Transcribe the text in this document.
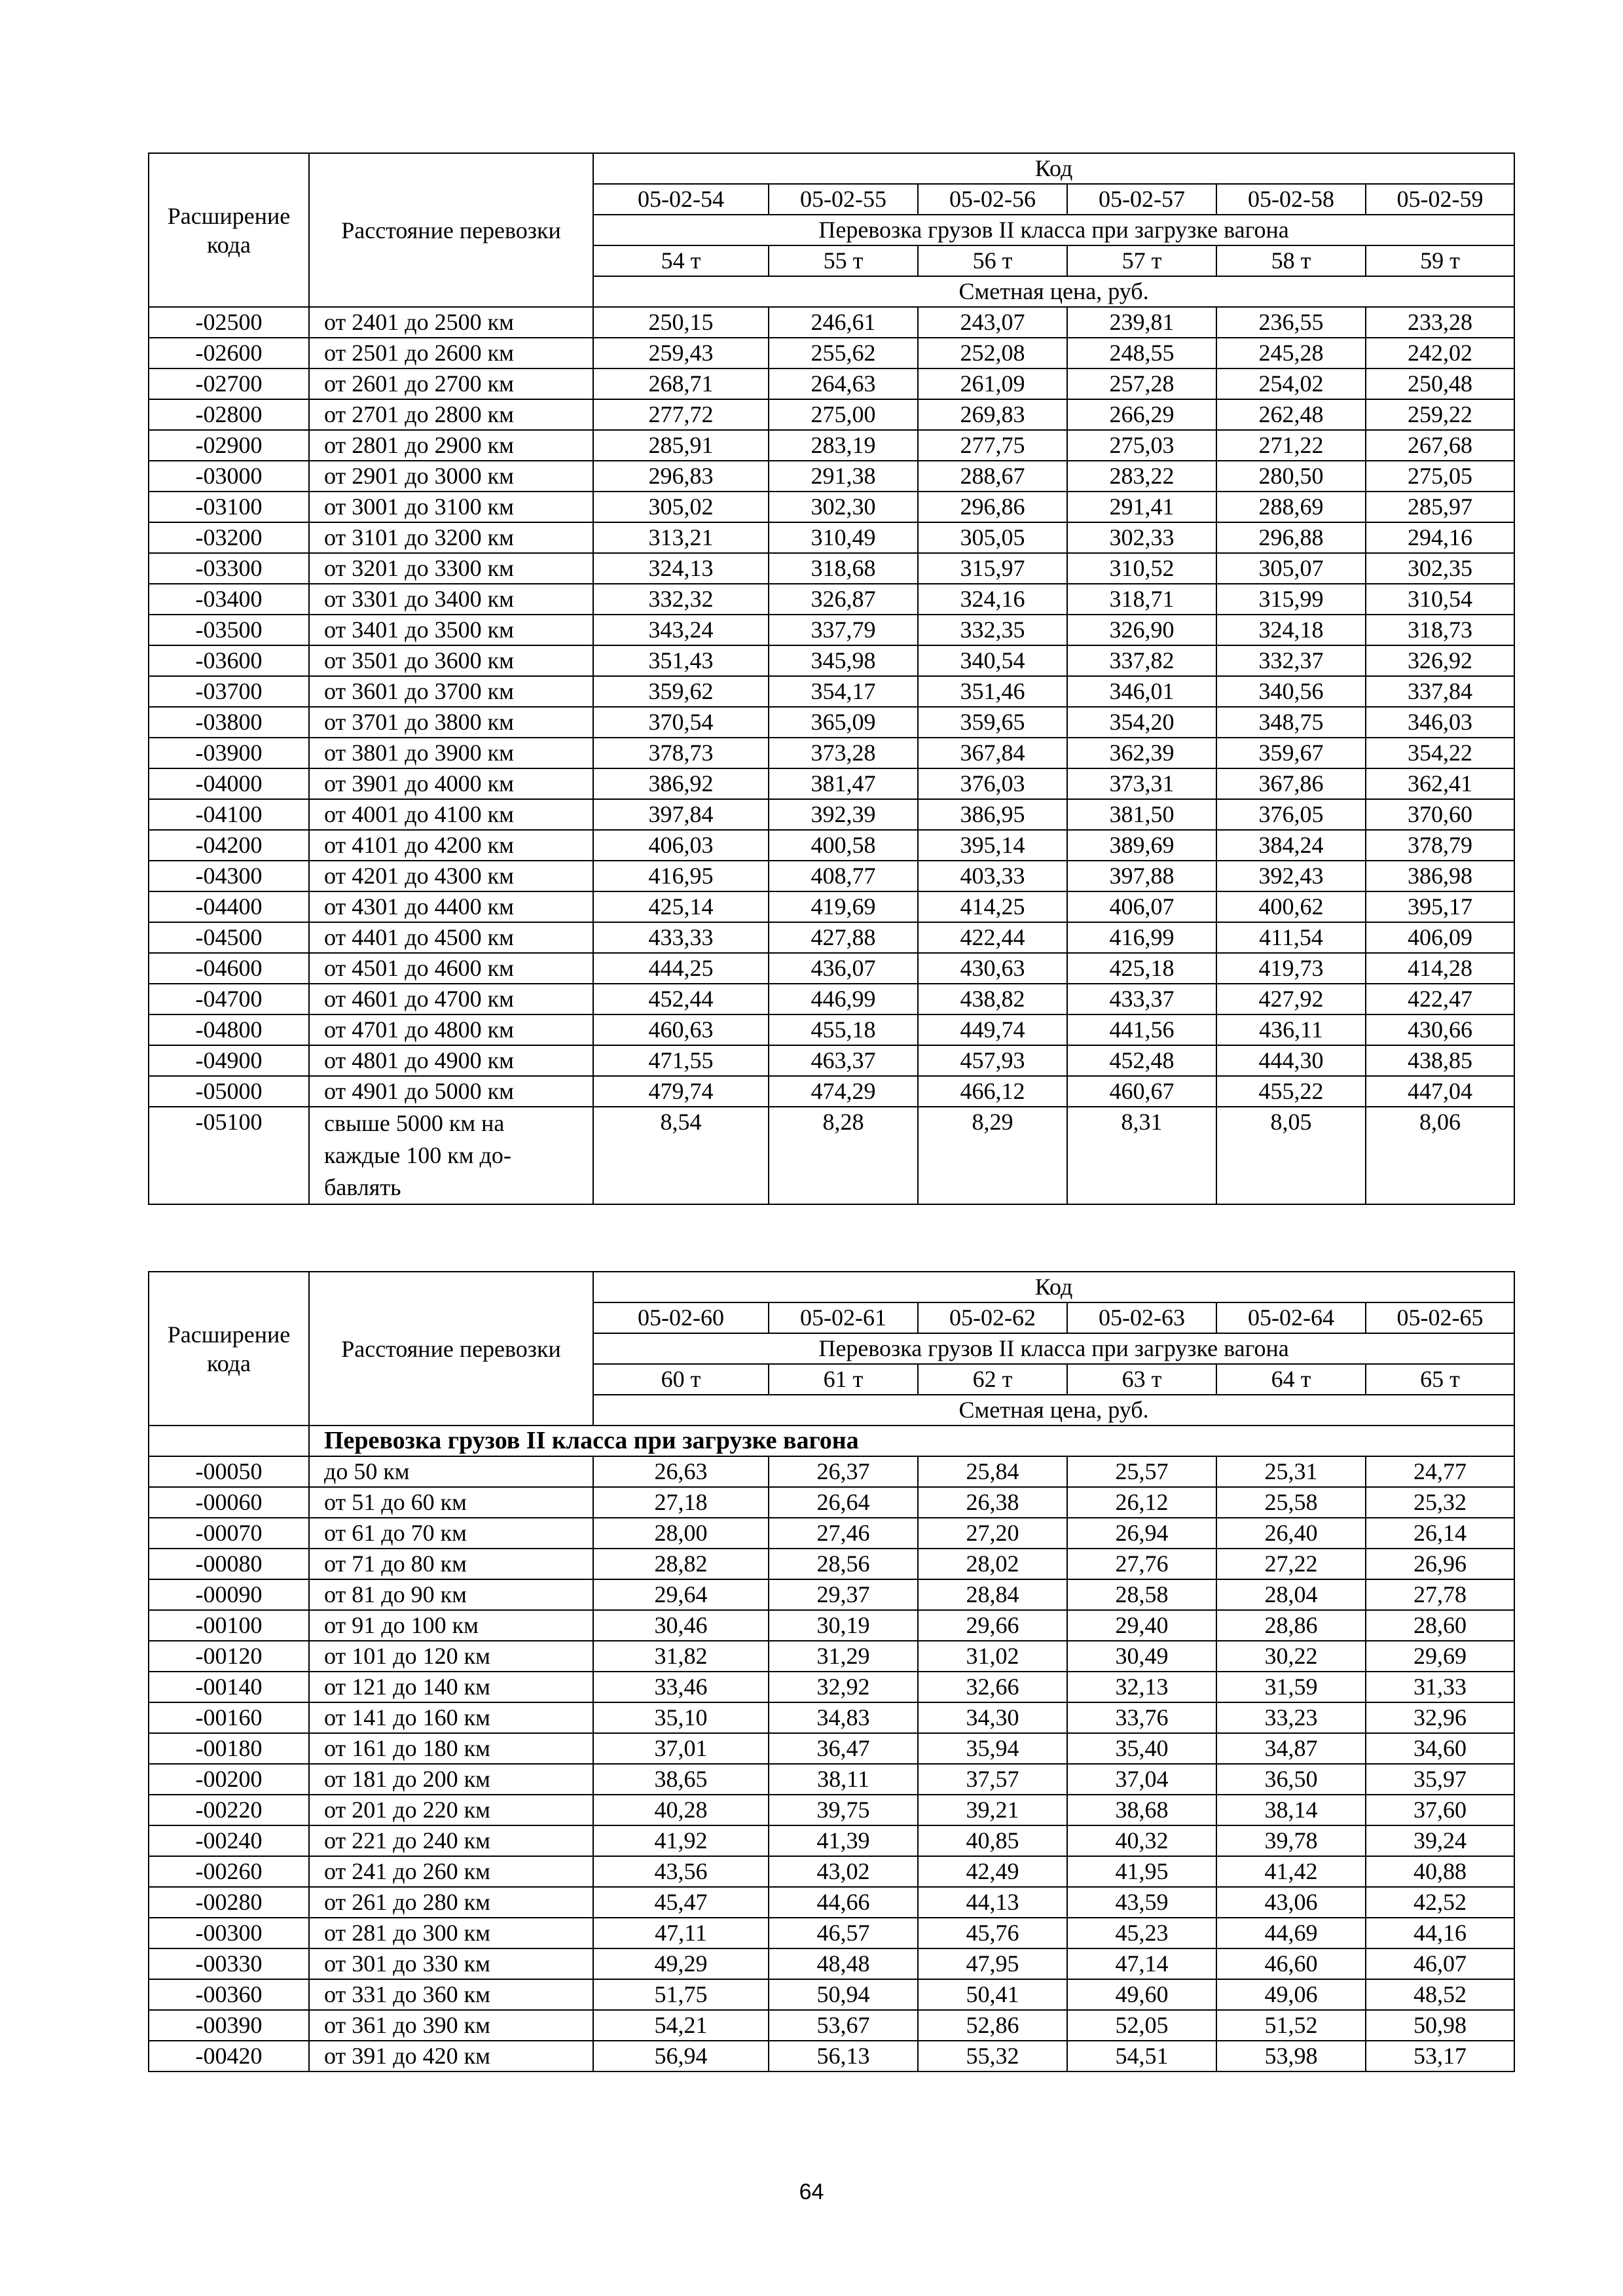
Расширение кода	Расстояние перевозки	Код					
		05-02-54	05-02-55	05-02-56	05-02-57	05-02-58	05-02-59
		Перевозка грузов II класса при загрузке вагона					
		54 т	55 т	56 т	57 т	58 т	59 т
		Сметная цена, руб.					
-02500	от 2401 до 2500 км	250,15	246,61	243,07	239,81	236,55	233,28
-02600	от 2501 до 2600 км	259,43	255,62	252,08	248,55	245,28	242,02
-02700	от 2601 до 2700 км	268,71	264,63	261,09	257,28	254,02	250,48
-02800	от 2701 до 2800 км	277,72	275,00	269,83	266,29	262,48	259,22
-02900	от 2801 до 2900 км	285,91	283,19	277,75	275,03	271,22	267,68
-03000	от 2901 до 3000 км	296,83	291,38	288,67	283,22	280,50	275,05
-03100	от 3001 до 3100 км	305,02	302,30	296,86	291,41	288,69	285,97
-03200	от 3101 до 3200 км	313,21	310,49	305,05	302,33	296,88	294,16
-03300	от 3201 до 3300 км	324,13	318,68	315,97	310,52	305,07	302,35
-03400	от 3301 до 3400 км	332,32	326,87	324,16	318,71	315,99	310,54
-03500	от 3401 до 3500 км	343,24	337,79	332,35	326,90	324,18	318,73
-03600	от 3501 до 3600 км	351,43	345,98	340,54	337,82	332,37	326,92
-03700	от 3601 до 3700 км	359,62	354,17	351,46	346,01	340,56	337,84
-03800	от 3701 до 3800 км	370,54	365,09	359,65	354,20	348,75	346,03
-03900	от 3801 до 3900 км	378,73	373,28	367,84	362,39	359,67	354,22
-04000	от 3901 до 4000 км	386,92	381,47	376,03	373,31	367,86	362,41
-04100	от 4001 до 4100 км	397,84	392,39	386,95	381,50	376,05	370,60
-04200	от 4101 до 4200 км	406,03	400,58	395,14	389,69	384,24	378,79
-04300	от 4201 до 4300 км	416,95	408,77	403,33	397,88	392,43	386,98
-04400	от 4301 до 4400 км	425,14	419,69	414,25	406,07	400,62	395,17
-04500	от 4401 до 4500 км	433,33	427,88	422,44	416,99	411,54	406,09
-04600	от 4501 до 4600 км	444,25	436,07	430,63	425,18	419,73	414,28
-04700	от 4601 до 4700 км	452,44	446,99	438,82	433,37	427,92	422,47
-04800	от 4701 до 4800 км	460,63	455,18	449,74	441,56	436,11	430,66
-04900	от 4801 до 4900 км	471,55	463,37	457,93	452,48	444,30	438,85
-05000	от 4901 до 5000 км	479,74	474,29	466,12	460,67	455,22	447,04
-05100	свыше 5000 км на
каждые 100 км до-
бавлять	8,54	8,28	8,29	8,31	8,05	8,06
Расширение кода	Расстояние перевозки	Код					
		05-02-60	05-02-61	05-02-62	05-02-63	05-02-64	05-02-65
		Перевозка грузов II класса при загрузке вагона					
		60 т	61 т	62 т	63 т	64 т	65 т
		Сметная цена, руб.					
	Перевозка грузов II класса при загрузке вагона						
-00050	до 50 км	26,63	26,37	25,84	25,57	25,31	24,77
-00060	от 51 до 60 км	27,18	26,64	26,38	26,12	25,58	25,32
-00070	от 61 до 70 км	28,00	27,46	27,20	26,94	26,40	26,14
-00080	от 71 до 80 км	28,82	28,56	28,02	27,76	27,22	26,96
-00090	от 81 до 90 км	29,64	29,37	28,84	28,58	28,04	27,78
-00100	от 91 до 100 км	30,46	30,19	29,66	29,40	28,86	28,60
-00120	от 101 до 120 км	31,82	31,29	31,02	30,49	30,22	29,69
-00140	от 121 до 140 км	33,46	32,92	32,66	32,13	31,59	31,33
-00160	от 141 до 160 км	35,10	34,83	34,30	33,76	33,23	32,96
-00180	от 161 до 180 км	37,01	36,47	35,94	35,40	34,87	34,60
-00200	от 181 до 200 км	38,65	38,11	37,57	37,04	36,50	35,97
-00220	от 201 до 220 км	40,28	39,75	39,21	38,68	38,14	37,60
-00240	от 221 до 240 км	41,92	41,39	40,85	40,32	39,78	39,24
-00260	от 241 до 260 км	43,56	43,02	42,49	41,95	41,42	40,88
-00280	от 261 до 280 км	45,47	44,66	44,13	43,59	43,06	42,52
-00300	от 281 до 300 км	47,11	46,57	45,76	45,23	44,69	44,16
-00330	от 301 до 330 км	49,29	48,48	47,95	47,14	46,60	46,07
-00360	от 331 до 360 км	51,75	50,94	50,41	49,60	49,06	48,52
-00390	от 361 до 390 км	54,21	53,67	52,86	52,05	51,52	50,98
-00420	от 391 до 420 км	56,94	56,13	55,32	54,51	53,98	53,17
64
